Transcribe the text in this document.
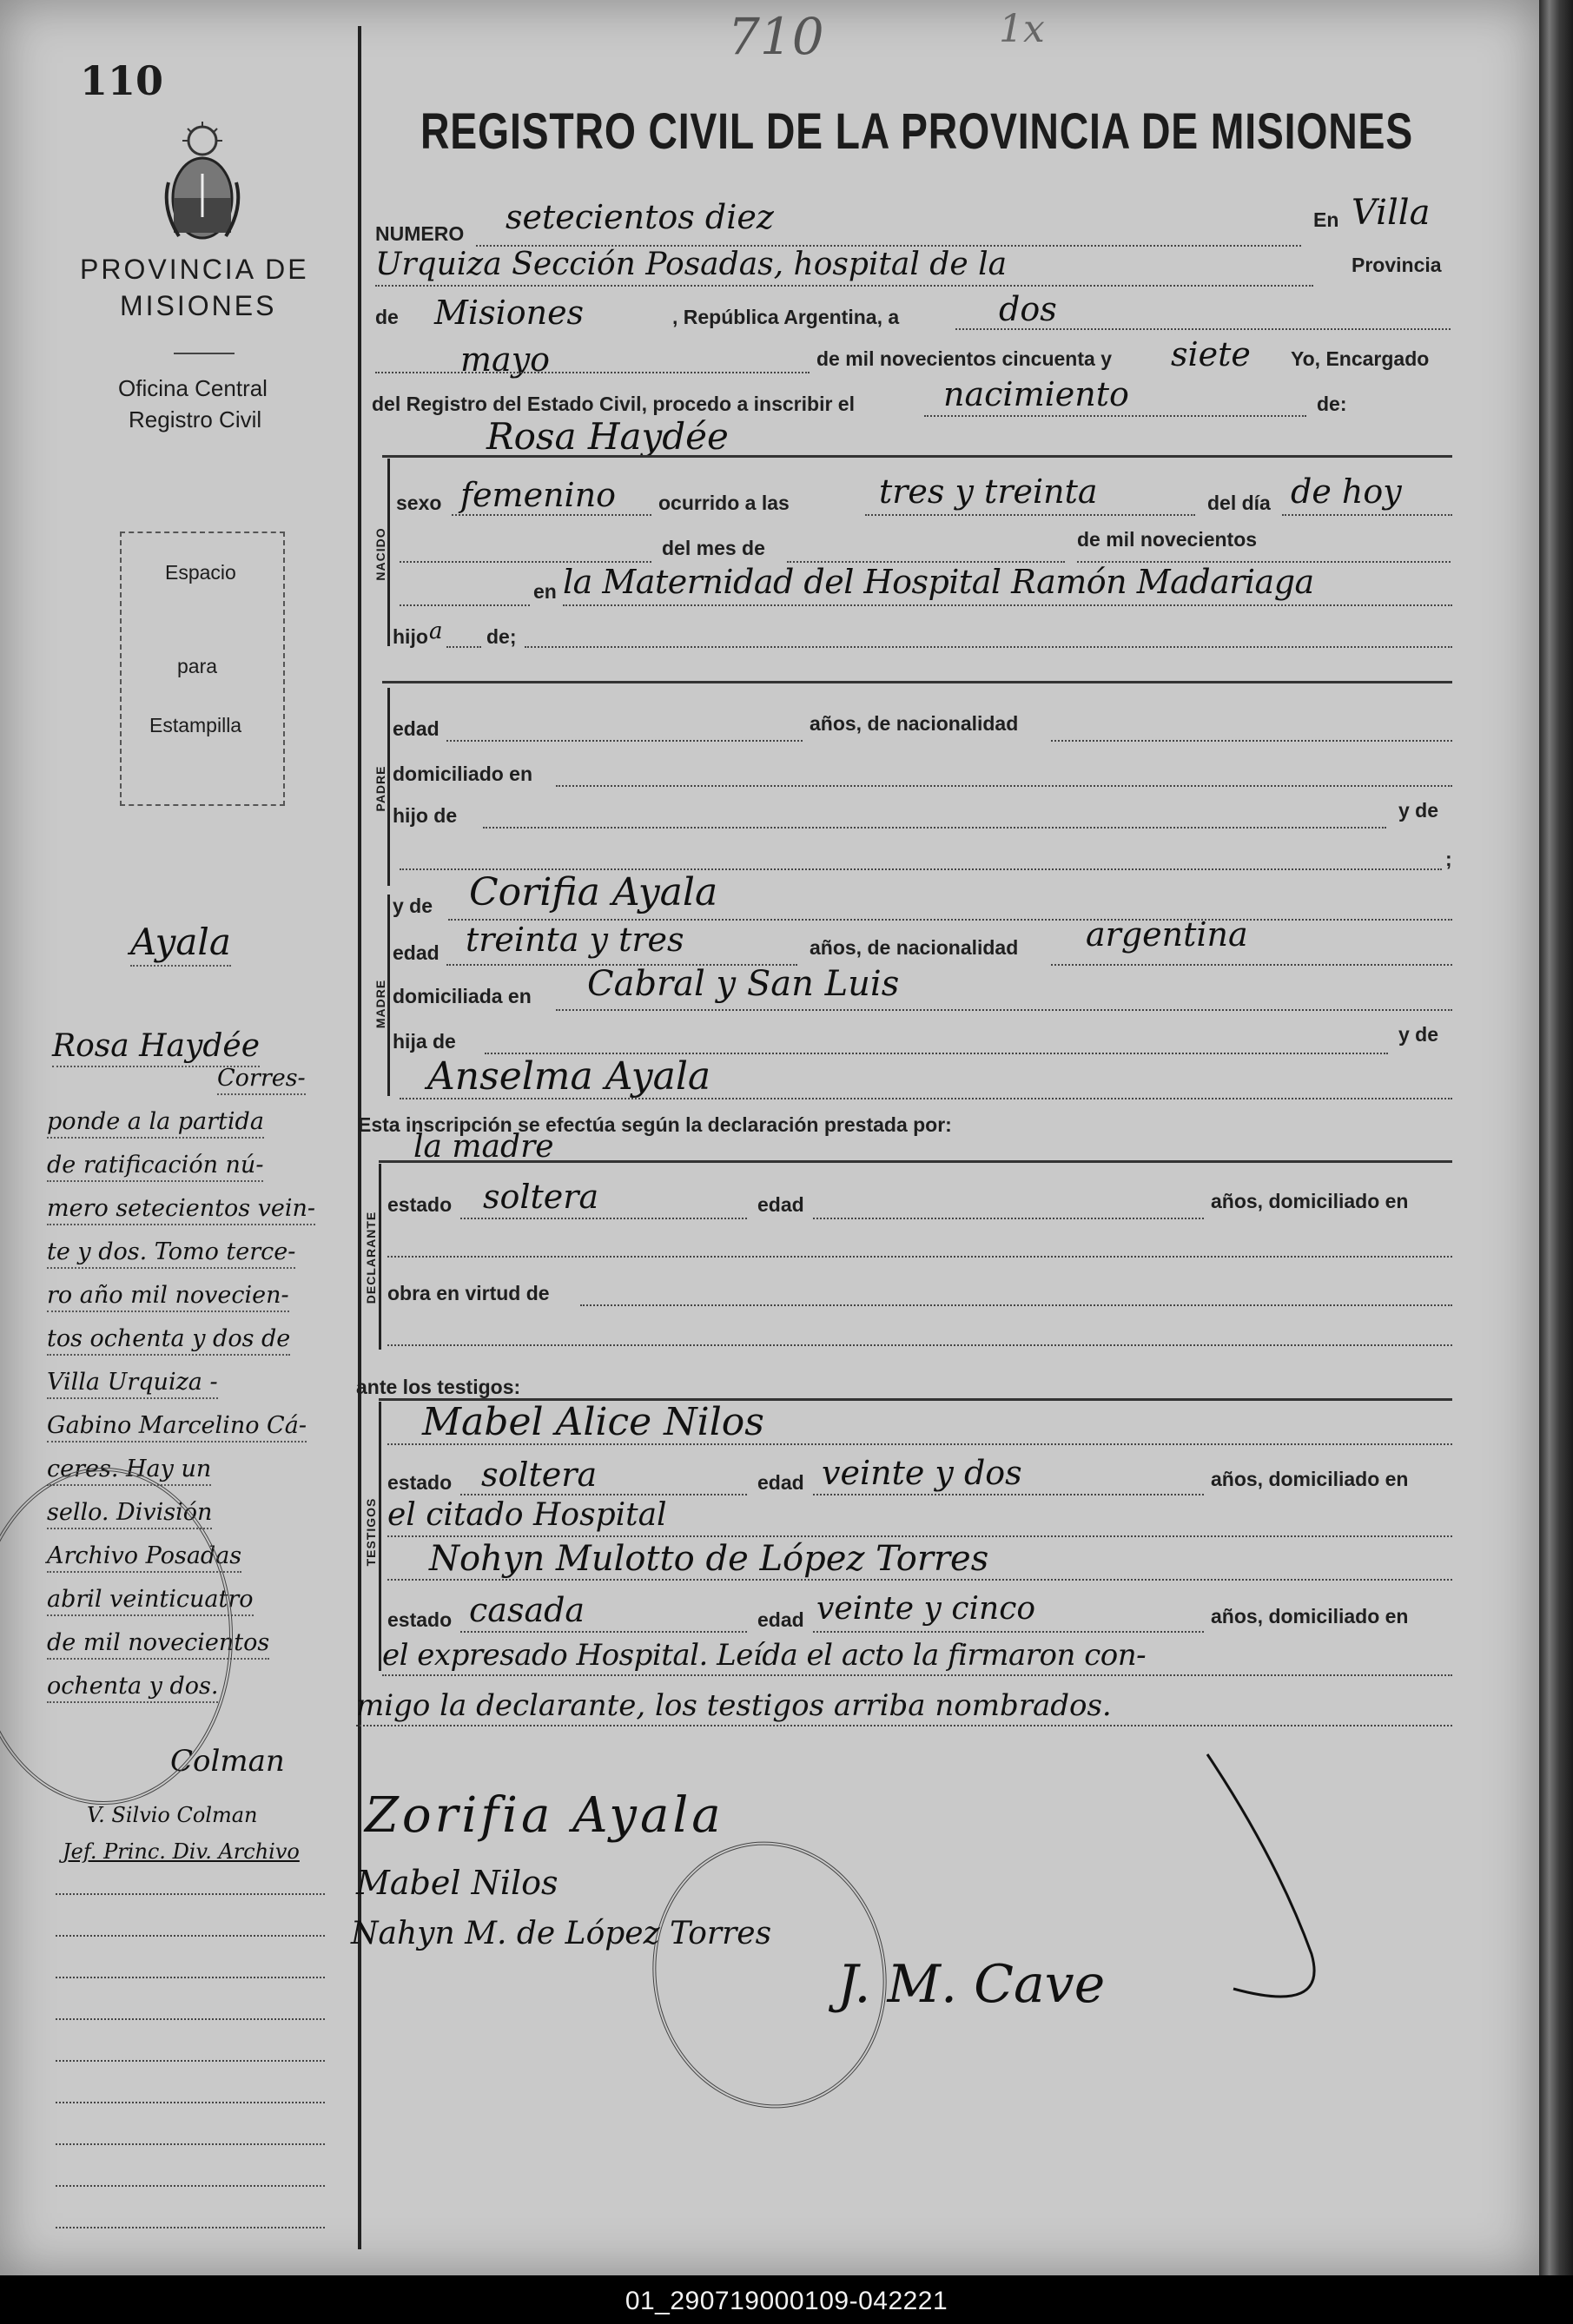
110
710	1x
PROVINCIA DE
MISIONES
Oficina Central
Registro Civil
Espacio
para
Estampilla
REGISTRO CIVIL DE LA PROVINCIA DE MISIONES
NUMERO setecientos diez	En Villa
Urquiza Sección Posadas, hospital de la	Provincia
de Misiones	, República Argentina, a	dos
mayo	de mil novecientos cincuenta y siete Yo, Encargado
del Registro del Estado Civil, procedo a inscribir el	nacimiento	de:
Rosa Haydée
NACIDO
sexo femenino ocurrido a las	tres y treinta	del día de hoy
del mes de	de mil novecientos
en la Maternidad del Hospital Ramón Madariaga
hijo a de;
PADRE
edad	años, de nacionalidad
domiciliado en
hijo de	y de
;
MADRE
y de Corifia Ayala
edad treinta y tres	años, de nacionalidad argentina
domiciliada en Cabral y San Luis
hija de	y de
Anselma Ayala
Esta inscripción se efectúa según la declaración prestada por:
la madre
DECLARANTE
estado soltera	edad	años, domiciliado en
obra en virtud de
ante los testigos:
TESTIGOS
Mabel Alice Nilos
estado soltera	edad veinte y dos	años, domiciliado en
el citado Hospital
Nohyn Mulotto de López Torres
estado casada	edad veinte y cinco	años, domiciliado en
el expresado Hospital. Leída el acto la firmaron con-
migo la declarante, los testigos arriba nombrados.
Ayala
Rosa Haydée
Corres-
ponde a la partida
de ratificación nú-
mero setecientos vein-
te y dos. Tomo terce-
ro año mil novecien-
tos ochenta y dos de
Villa Urquiza -
Gabino Marcelino Cá-
ceres. Hay un
sello. División
Archivo Posadas
abril veinticuatro
de mil novecientos
ochenta y dos.
Colman
V. Silvio Colman
Jef. Princ. Div. Archivo
Zorifia Ayala
Mabel Nilos
Nahyn M. de López Torres
J. M. Cave
01_290719000109-042221
